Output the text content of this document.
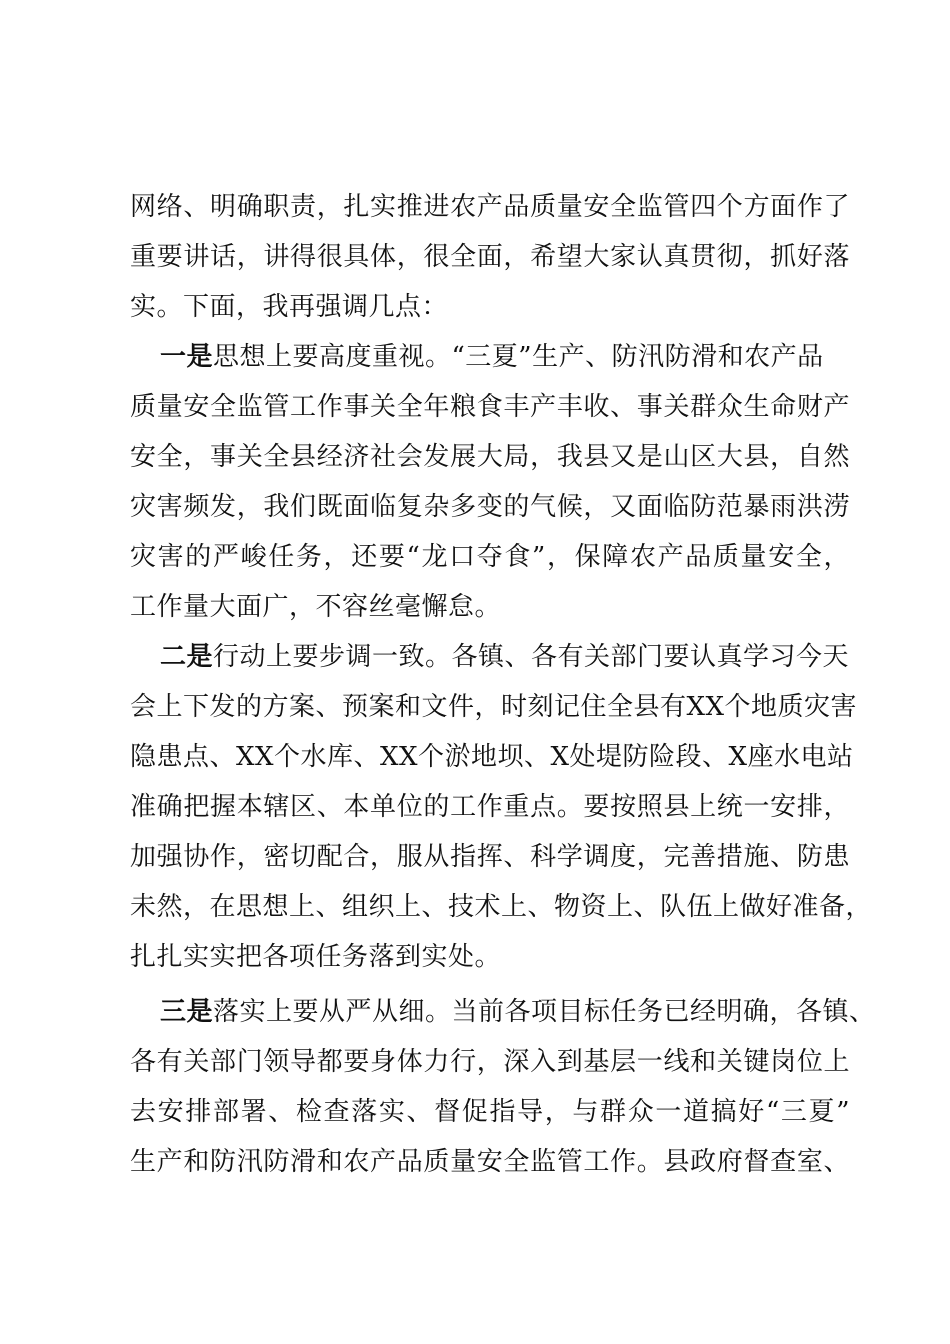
网络、明确职责，扎实推进农产品质量安全监管四个方面作了
重要讲话，讲得很具体，很全面，希望大家认真贯彻，抓好落
实。下面，我再强调几点：
一是思想上要高度重视。“三夏”生产、防汛防滑和农产品
质量安全监管工作事关全年粮食丰产丰收、事关群众生命财产
安全，事关全县经济社会发展大局，我县又是山区大县，自然
灾害频发，我们既面临复杂多变的气候，又面临防范暴雨洪涝
灾害的严峻任务，还要“龙口夺食”，保障农产品质量安全，
工作量大面广，不容丝毫懈怠。
二是行动上要步调一致。各镇、各有关部门要认真学习今天
会上下发的方案、预案和文件，时刻记住全县有XX个地质灾害
隐患点、XX个水库、XX个淤地坝、X处堤防险段、X座水电站
准确把握本辖区、本单位的工作重点。要按照县上统一安排，
加强协作，密切配合，服从指挥、科学调度，完善措施、防患
未然，在思想上、组织上、技术上、物资上、队伍上做好准备，
扎扎实实把各项任务落到实处。
三是落实上要从严从细。当前各项目标任务已经明确，各镇、
各有关部门领导都要身体力行，深入到基层一线和关键岗位上
去安排部署、检查落实、督促指导，与群众一道搞好“三夏”
生产和防汛防滑和农产品质量安全监管工作。县政府督查室、
